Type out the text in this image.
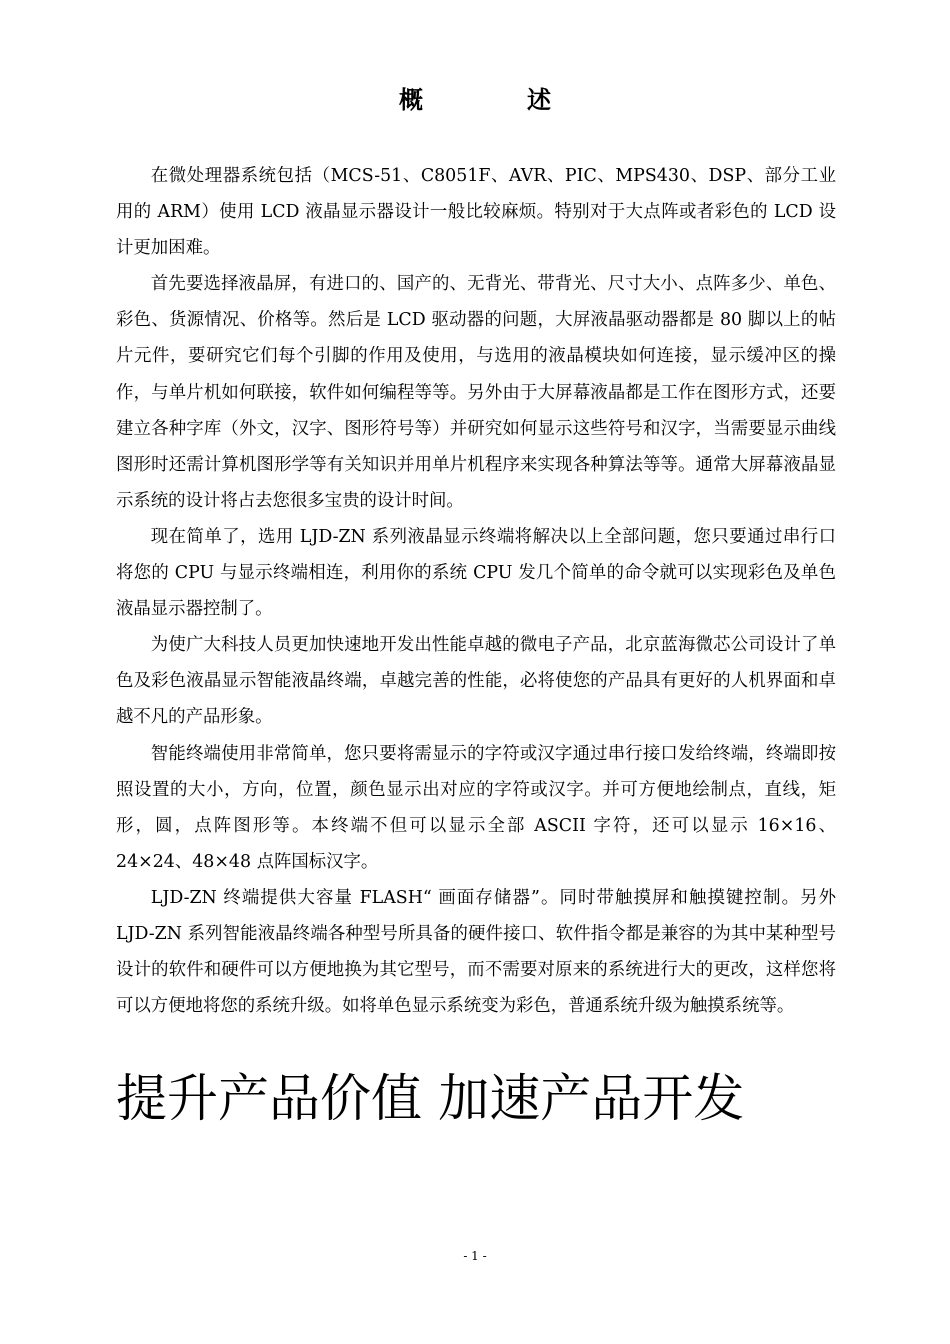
概述

在微处理器系统包括（MCS-51、C8051F、AVR、PIC、MPS430、DSP、部分工业用的 ARM）使用 LCD 液晶显示器设计一般比较麻烦。特别对于大点阵或者彩色的 LCD 设计更加困难。

首先要选择液晶屏，有进口的、国产的、无背光、带背光、尺寸大小、点阵多少、单色、彩色、货源情况、价格等。然后是 LCD 驱动器的问题，大屏液晶驱动器都是 80 脚以上的帖片元件，要研究它们每个引脚的作用及使用，与选用的液晶模块如何连接，显示缓冲区的操作，与单片机如何联接，软件如何编程等等。另外由于大屏幕液晶都是工作在图形方式，还要建立各种字库（外文，汉字、图形符号等）并研究如何显示这些符号和汉字，当需要显示曲线图形时还需计算机图形学等有关知识并用单片机程序来实现各种算法等等。通常大屏幕液晶显示系统的设计将占去您很多宝贵的设计时间。

现在简单了，选用 LJD-ZN 系列液晶显示终端将解决以上全部问题，您只要通过串行口将您的 CPU 与显示终端相连，利用你的系统 CPU 发几个简单的命令就可以实现彩色及单色液晶显示器控制了。

为使广大科技人员更加快速地开发出性能卓越的微电子产品，北京蓝海微芯公司设计了单色及彩色液晶显示智能液晶终端，卓越完善的性能，必将使您的产品具有更好的人机界面和卓越不凡的产品形象。

智能终端使用非常简单，您只要将需显示的字符或汉字通过串行接口发给终端，终端即按照设置的大小，方向，位置，颜色显示出对应的字符或汉字。并可方便地绘制点，直线，矩形，圆，点阵图形等。本终端不但可以显示全部 ASCII 字符，还可以显示 16×16、24×24、48×48 点阵国标汉字。

LJD-ZN 终端提供大容量 FLASH“ 画面存储器”。同时带触摸屏和触摸键控制。另外 LJD-ZN 系列智能液晶终端各种型号所具备的硬件接口、软件指令都是兼容的为其中某种型号设计的软件和硬件可以方便地换为其它型号，而不需要对原来的系统进行大的更改，这样您将可以方便地将您的系统升级。如将单色显示系统变为彩色，普通系统升级为触摸系统等。

提升产品价值 加速产品开发
- 1 -
